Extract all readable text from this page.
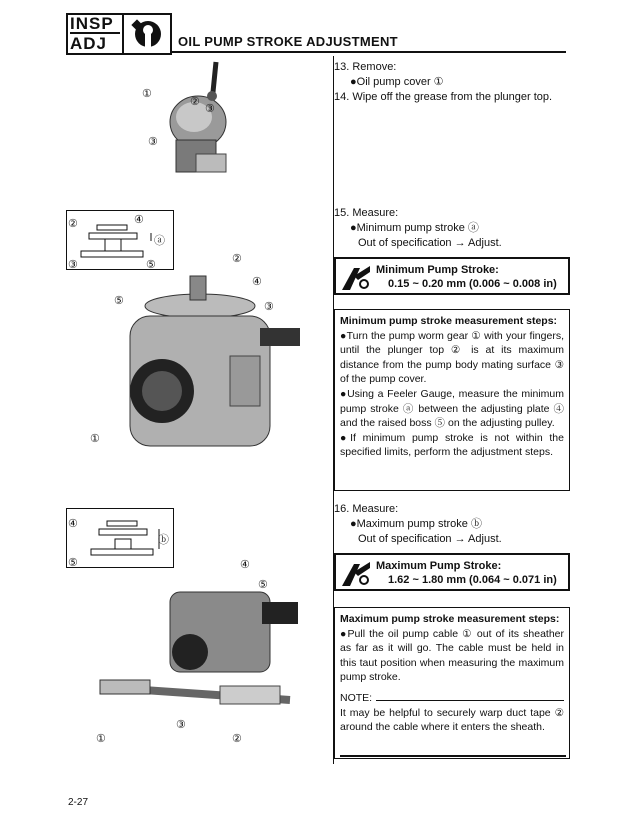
INSP
ADJ	OIL PUMP STROKE ADJUSTMENT
①
②
③
③
13. Remove:
●Oil pump cover ①
14. Wipe off the grease from the plunger top.
②	④
ⓐ
③	⑤	②
④
⑤	③
①
15. Measure:
●Minimum pump stroke ⓐ
Out of specification → Adjust.
Minimum Pump Stroke:
0.15 ~ 0.20 mm (0.006 ~ 0.008 in)
Minimum pump stroke measurement steps:
●Turn the pump worm gear ① with your fingers, until the plunger top ② is at its maximum distance from the pump body mating surface ③ of the pump cover.
●Using a Feeler Gauge, measure the minimum pump stroke ⓐ between the adjusting plate ④ and the raised boss ⑤ on the adjusting pulley.
●If minimum pump stroke is not within the specified limits, perform the adjustment steps.
④
ⓑ
⑤	④
⑤
③
①	②
16. Measure:
●Maximum pump stroke ⓑ
Out of specification → Adjust.
Maximum Pump Stroke:
1.62 ~ 1.80 mm (0.064 ~ 0.071 in)
Maximum pump stroke measurement steps:
●Pull the oil pump cable ① out of its sheather as far as it will go. The cable must be held in this taut position when measuring the maximum pump stroke.
NOTE:
It may be helpful to securely warp duct tape ② around the cable where it enters the sheath.
2-27
